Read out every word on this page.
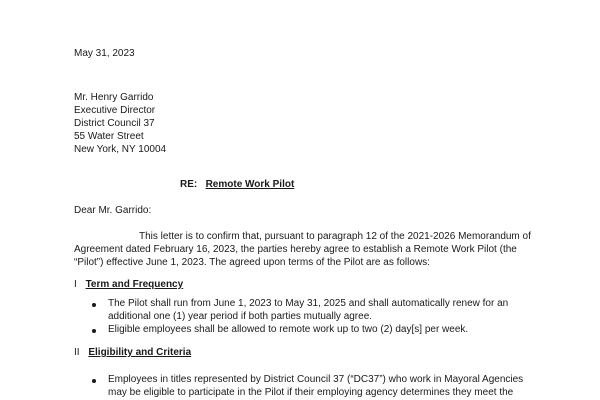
May 31, 2023
Mr. Henry Garrido
Executive Director
District Council 37
55 Water Street
New York, NY 10004
RE: Remote Work Pilot
Dear Mr. Garrido:
This letter is to confirm that, pursuant to paragraph 12 of the 2021-2026 Memorandum of
Agreement dated February 16, 2023, the parties hereby agree to establish a Remote Work Pilot (the
“Pilot”) effective June 1, 2023. The agreed upon terms of the Pilot are as follows:
I Term and Frequency
The Pilot shall run from June 1, 2023 to May 31, 2025 and shall automatically renew for an
additional one (1) year period if both parties mutually agree.
Eligible employees shall be allowed to remote work up to two (2) day[s] per week.
II Eligibility and Criteria
Employees in titles represented by District Council 37 (“DC37”) who work in Mayoral Agencies
may be eligible to participate in the Pilot if their employing agency determines they meet the
